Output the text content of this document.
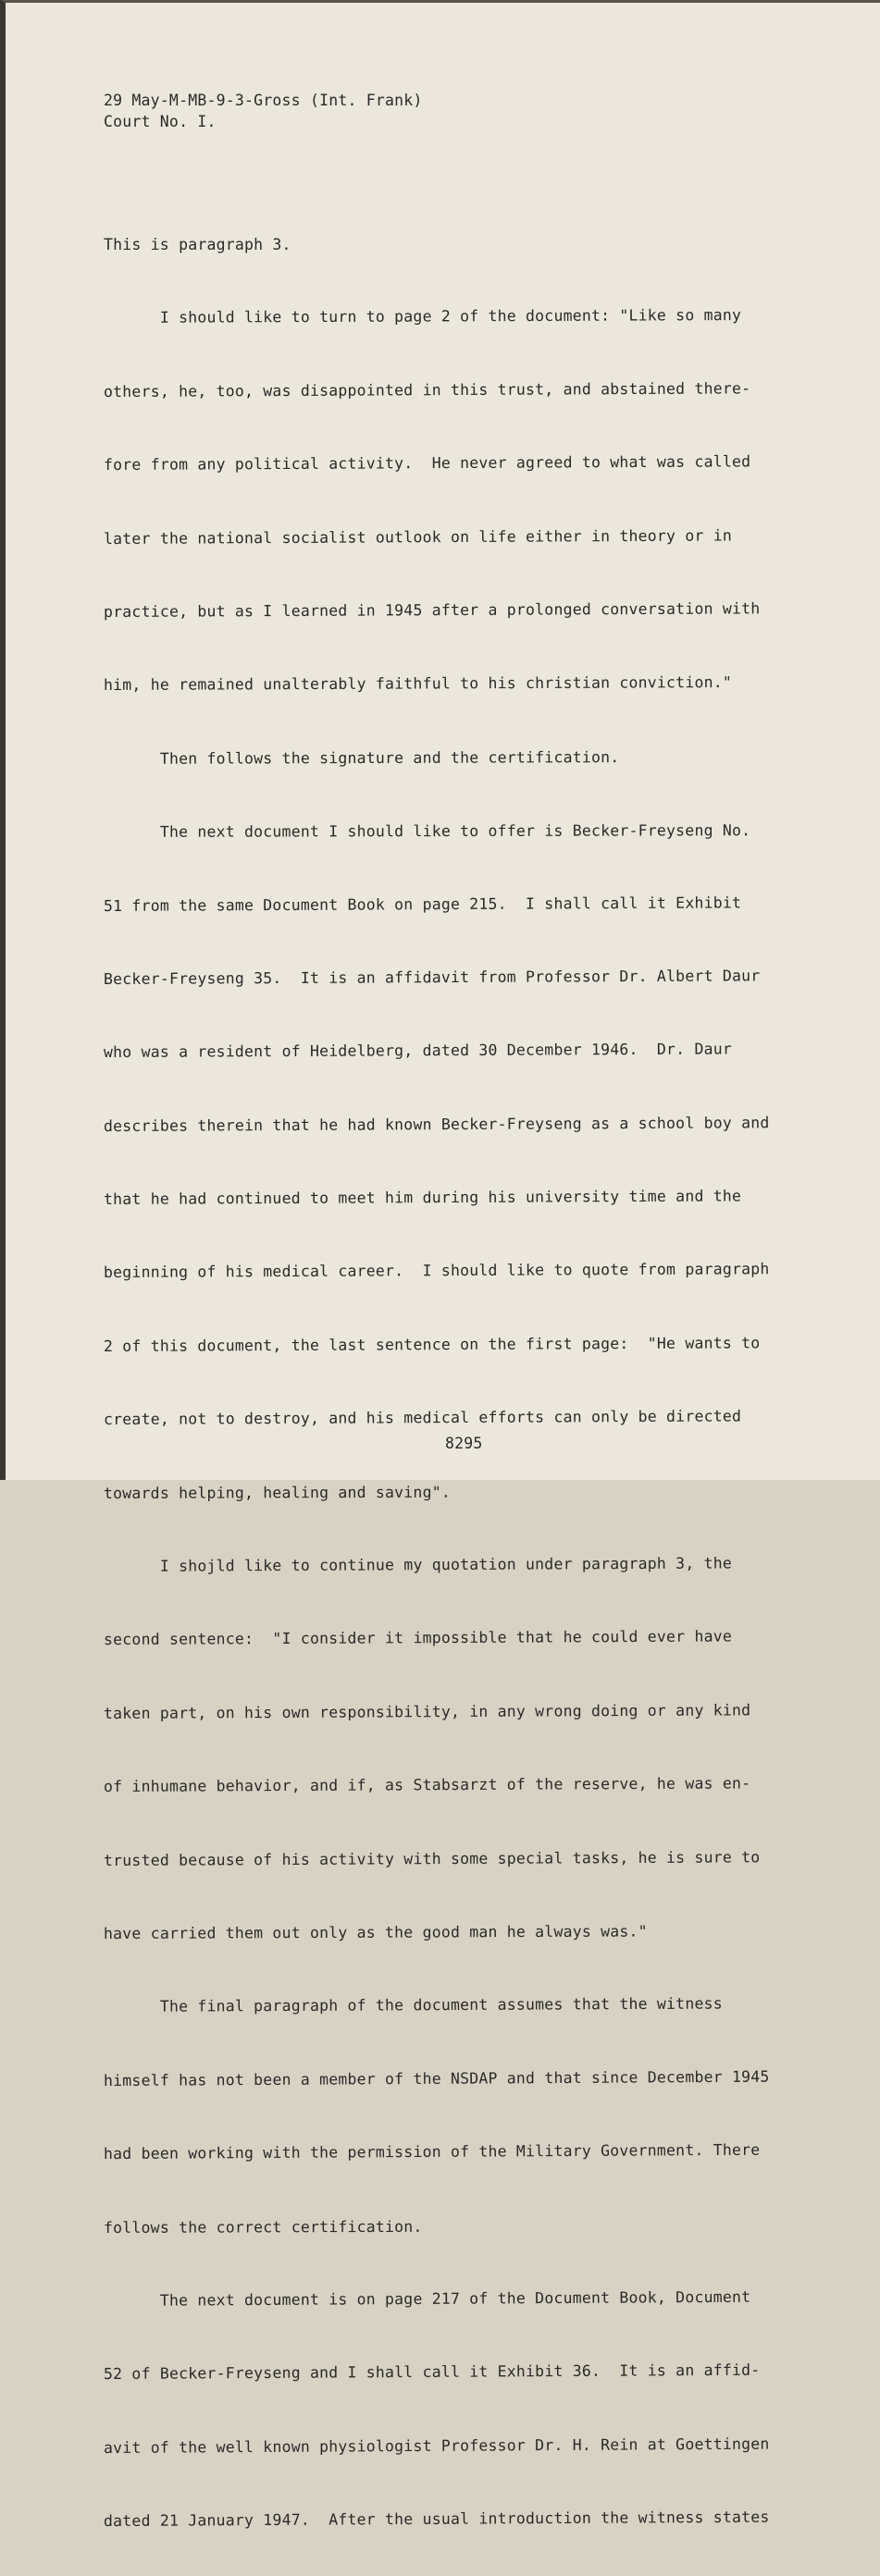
29 May-M-MB-9-3-Gross (Int. Frank)
Court No. I.

This is paragraph 3.

I should like to turn to page 2 of the document: "Like so many

others, he, too, was disappointed in this trust, and abstained there-

fore from any political activity.  He never agreed to what was called

later the national socialist outlook on life either in theory or in

practice, but as I learned in 1945 after a prolonged conversation with

him, he remained unalterably faithful to his christian conviction."

Then follows the signature and the certification.

The next document I should like to offer is Becker-Freyseng No.

51 from the same Document Book on page 215.  I shall call it Exhibit

Becker-Freyseng 35.  It is an affidavit from Professor Dr. Albert Daur

who was a resident of Heidelberg, dated 30 December 1946.  Dr. Daur

describes therein that he had known Becker-Freyseng as a school boy and

that he had continued to meet him during his university time and the

beginning of his medical career.  I should like to quote from paragraph

2 of this document, the last sentence on the first page:  "He wants to

create, not to destroy, and his medical efforts can only be directed

towards helping, healing and saving".

I shojld like to continue my quotation under paragraph 3, the

second sentence:  "I consider it impossible that he could ever have

taken part, on his own responsibility, in any wrong doing or any kind

of inhumane behavior, and if, as Stabsarzt of the reserve, he was en-

trusted because of his activity with some special tasks, he is sure to

have carried them out only as the good man he always was."

The final paragraph of the document assumes that the witness

himself has not been a member of the NSDAP and that since December 1945

had been working with the permission of the Military Government. There

follows the correct certification.

The next document is on page 217 of the Document Book, Document

52 of Becker-Freyseng and I shall call it Exhibit 36.  It is an affid-

avit of the well known physiologist Professor Dr. H. Rein at Goettingen

dated 21 January 1947.  After the usual introduction the witness states

8295
